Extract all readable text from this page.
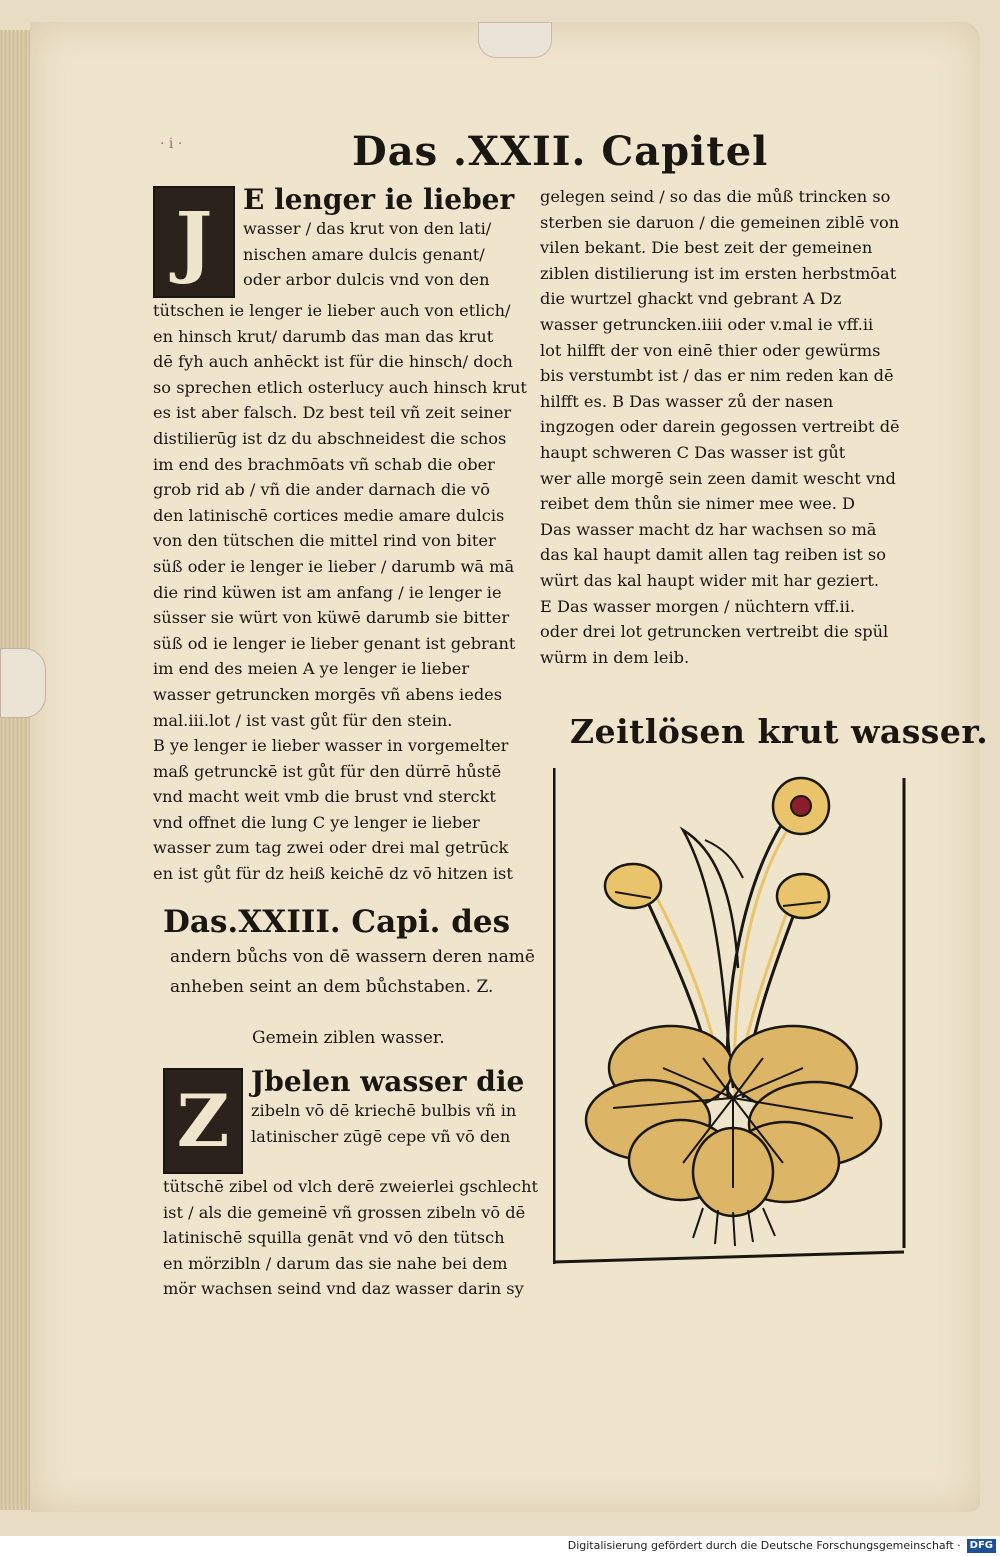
· i ·	Das .XXII. Capitel
J	E lenger ie lieber
wasser / das krut von den lati/
nischen amare dulcis genant/
oder arbor dulcis vnd von den
tütschen ie lenger ie lieber auch von etlich/
en hinsch krut/ darumb das man das krut
dē fyh auch anhēckt ist für die hinsch/ doch
so sprechen etlich osterlucy auch hinsch krut
es ist aber falsch. Dz best teil vñ zeit seiner
distilierūg ist dz du abschneidest die schos
im end des brachmōats vñ schab die ober
grob rid ab / vñ die ander darnach die vō
den latinischē cortices medie amare dulcis
von den tütschen die mittel rind von biter
süß oder ie lenger ie lieber / darumb wā mā
die rind küwen ist am anfang / ie lenger ie
süsser sie würt von küwē darumb sie bitter
süß od ie lenger ie lieber genant ist gebrant
im end des meien A ye lenger ie lieber
wasser getruncken morgēs vñ abens iedes
mal.iii.lot / ist vast gůt für den stein.
B ye lenger ie lieber wasser in vorgemelter
maß getrunckē ist gůt für den dürrē hůstē
vnd macht weit vmb die brust vnd sterckt
vnd offnet die lung C ye lenger ie lieber
wasser zum tag zwei oder drei mal getrūck
en ist gůt für dz heiß keichē dz vō hitzen ist
gelegen seind / so das die můß trincken so
sterben sie daruon / die gemeinen ziblē von
vilen bekant. Die best zeit der gemeinen
ziblen distilierung ist im ersten herbstmōat
die wurtzel ghackt vnd gebrant A Dz
wasser getruncken.iiii oder v.mal ie vff.ii
lot hilfft der von einē thier oder gewürms
bis verstumbt ist / das er nim reden kan dē
hilfft es. B Das wasser zů der nasen
ingzogen oder darein gegossen vertreibt dē
haupt schweren C Das wasser ist gůt
wer alle morgē sein zeen damit wescht vnd
reibet dem thůn sie nimer mee wee. D
Das wasser macht dz har wachsen so mā
das kal haupt damit allen tag reiben ist so
würt das kal haupt wider mit har geziert.
E Das wasser morgen / nüchtern vff.ii.
oder drei lot getruncken vertreibt die spül
würm in dem leib.
Das.XXIII. Capi. des
andern bůchs von dē wassern deren namē
anheben seint an dem bůchstaben. Z.
Gemein ziblen wasser.
Z Jbelen wasser die
zibeln vō dē kriechē bulbis vñ in
latinischer zūgē cepe vñ vō den
tütschē zibel od vlch derē zweierlei gschlecht
ist / als die gemeinē vñ grossen zibeln vō dē
latinischē squilla genāt vnd vō den tütsch
en mörzibln / darum das sie nahe bei dem
mör wachsen seind vnd daz wasser darin sy
Zeitlösen krut wasser.
Digitalisierung gefördert durch die Deutsche Forschungsgemeinschaft · DFG
